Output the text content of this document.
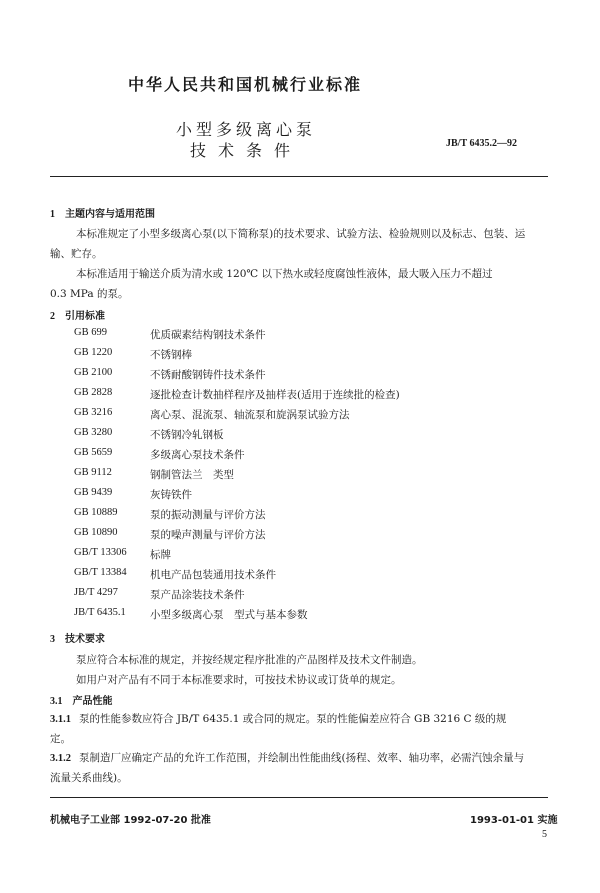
中华人民共和国机械行业标准
小型多级离心泵
技术条件	JB/T 6435.2—92
1 主题内容与适用范围
本标准规定了小型多级离心泵(以下简称泵)的技术要求、试验方法、检验规则以及标志、包装、运
输、贮存。
本标准适用于输送介质为清水或 120℃ 以下热水或轻度腐蚀性液体，最大吸入压力不超过
0.3 MPa 的泵。
2 引用标准
GB 699	优质碳素结构钢技术条件
GB 1220	不锈钢棒
GB 2100	不锈耐酸钢铸件技术条件
GB 2828	逐批检查计数抽样程序及抽样表(适用于连续批的检查)
GB 3216	离心泵、混流泵、轴流泵和旋涡泵试验方法
GB 3280	不锈钢冷轧钢板
GB 5659	多级离心泵技术条件
GB 9112	钢制管法兰　类型
GB 9439	灰铸铁件
GB 10889	泵的振动测量与评价方法
GB 10890	泵的噪声测量与评价方法
GB/T 13306 标牌
GB/T 13384 机电产品包装通用技术条件
JB/T 4297	泵产品涂装技术条件
JB/T 6435.1 小型多级离心泵　型式与基本参数
3 技术要求
泵应符合本标准的规定，并按经规定程序批准的产品图样及技术文件制造。
如用户对产品有不同于本标准要求时，可按技术协议或订货单的规定。
3.1 产品性能
3.1.1 泵的性能参数应符合 JB/T 6435.1 或合同的规定。泵的性能偏差应符合 GB 3216 C 级的规
定。
3.1.2 泵制造厂应确定产品的允许工作范围，并绘制出性能曲线(扬程、效率、轴功率，必需汽蚀余量与
流量关系曲线)。
机械电子工业部 1992-07-20 批准	1993-01-01 实施
5
